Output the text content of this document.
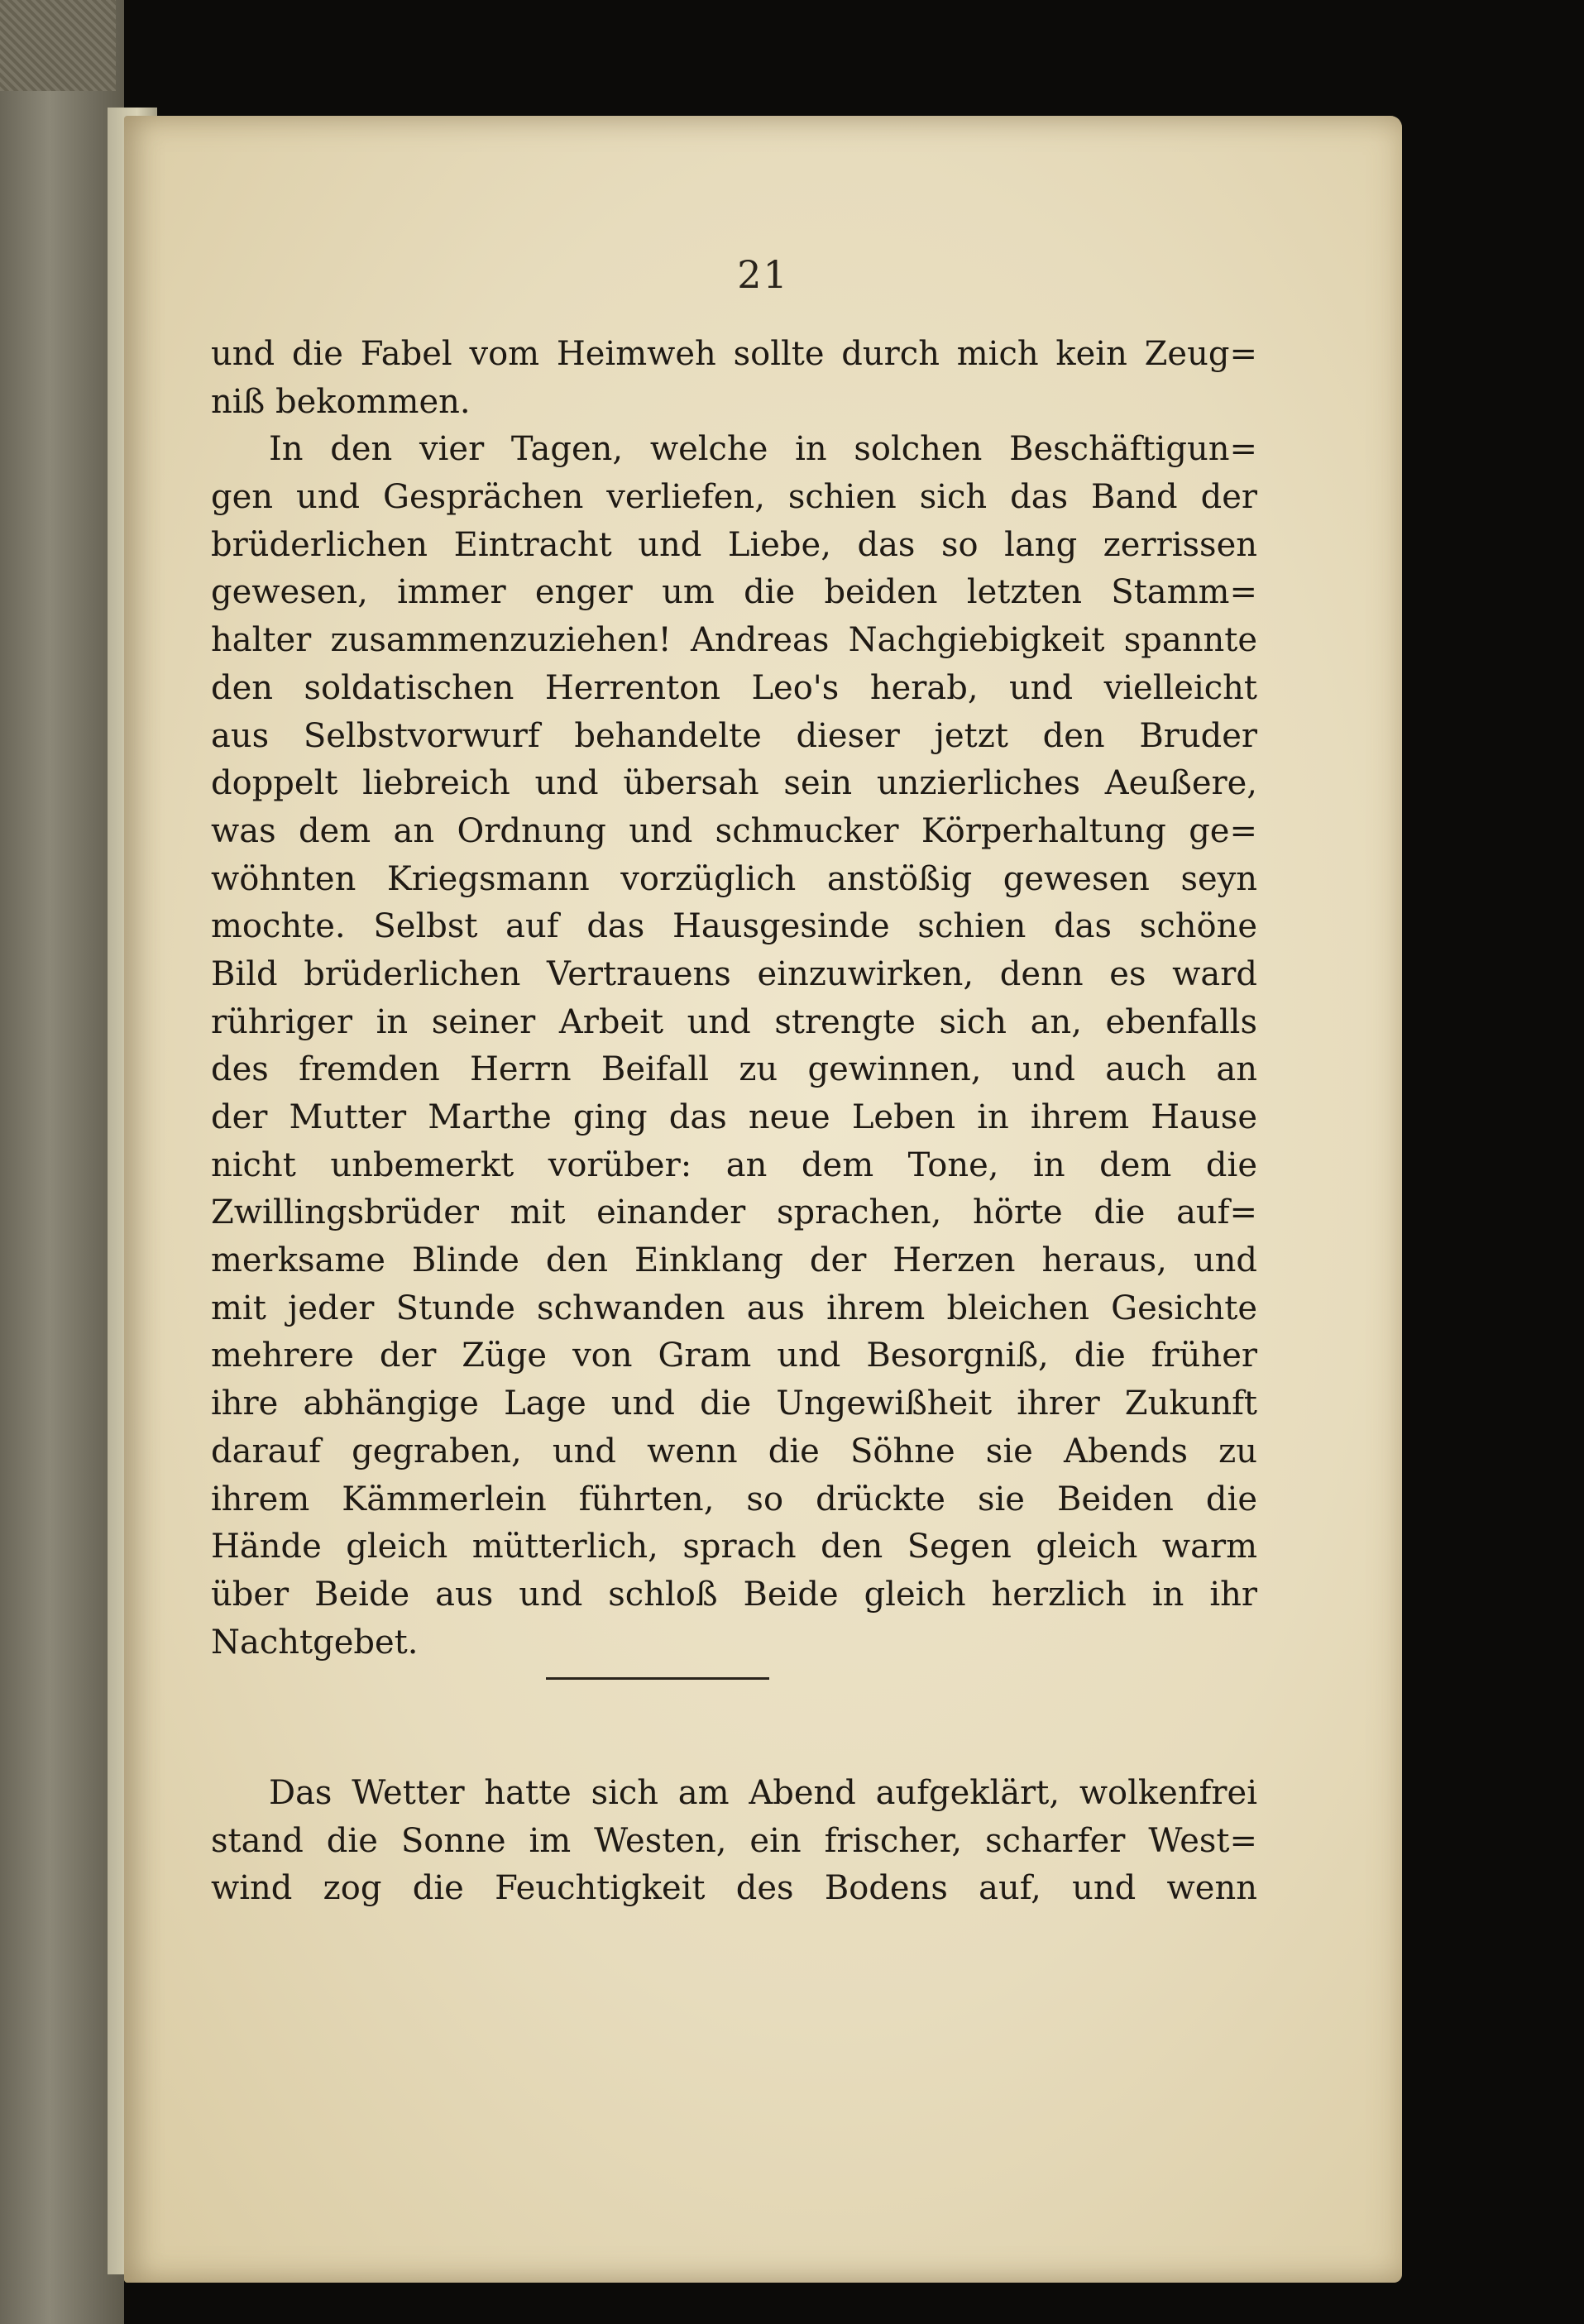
21
und die Fabel vom Heimweh sollte durch mich kein Zeug=
niß bekommen.
In den vier Tagen, welche in solchen Beschäftigun=
gen und Gesprächen verliefen, schien sich das Band der
brüderlichen Eintracht und Liebe, das so lang zerrissen
gewesen, immer enger um die beiden letzten Stamm=
halter zusammenzuziehen! Andreas Nachgiebigkeit spannte
den soldatischen Herrenton Leo's herab, und vielleicht
aus Selbstvorwurf behandelte dieser jetzt den Bruder
doppelt liebreich und übersah sein unzierliches Aeußere,
was dem an Ordnung und schmucker Körperhaltung ge=
wöhnten Kriegsmann vorzüglich anstößig gewesen seyn
mochte. Selbst auf das Hausgesinde schien das schöne
Bild brüderlichen Vertrauens einzuwirken, denn es ward
rühriger in seiner Arbeit und strengte sich an, ebenfalls
des fremden Herrn Beifall zu gewinnen, und auch an
der Mutter Marthe ging das neue Leben in ihrem Hause
nicht unbemerkt vorüber: an dem Tone, in dem die
Zwillingsbrüder mit einander sprachen, hörte die auf=
merksame Blinde den Einklang der Herzen heraus, und
mit jeder Stunde schwanden aus ihrem bleichen Gesichte
mehrere der Züge von Gram und Besorgniß, die früher
ihre abhängige Lage und die Ungewißheit ihrer Zukunft
darauf gegraben, und wenn die Söhne sie Abends zu
ihrem Kämmerlein führten, so drückte sie Beiden die
Hände gleich mütterlich, sprach den Segen gleich warm
über Beide aus und schloß Beide gleich herzlich in ihr
Nachtgebet.
Das Wetter hatte sich am Abend aufgeklärt, wolkenfrei
stand die Sonne im Westen, ein frischer, scharfer West=
wind zog die Feuchtigkeit des Bodens auf, und wenn
